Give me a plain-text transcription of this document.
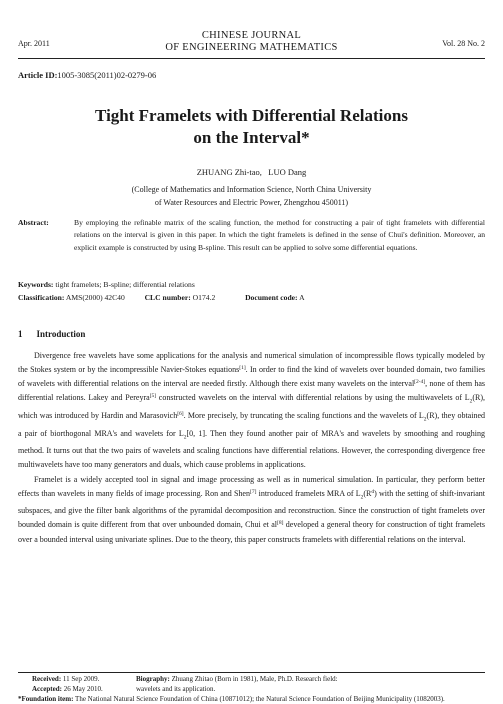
Apr. 2011
CHINESE JOURNAL
OF ENGINEERING MATHEMATICS	Vol. 28 No. 2
Article ID:1005-3085(2011)02-0279-06
Tight Framelets with Differential Relations
on the Interval*
ZHUANG Zhi-tao,   LUO Dang
(College of Mathematics and Information Science, North China University
of Water Resources and Electric Power, Zhengzhou 450011)
Abstract:	By employing the refinable matrix of the scaling function, the method for constructing a pair of tight framelets with differential relations on the interval is given in this paper. In which the tight framelets is defined in the sense of Chui's definition. Moreover, an explicit example is constructed by using B-spline. This result can be applied to solve some differential equations.
Keywords: tight framelets; B-spline; differential relations
Classification: AMS(2000) 42C40	CLC number: O174.2	Document code: A
1 Introduction

Divergence free wavelets have some applications for the analysis and numerical simulation of incompressible flows typically modeled by the Stokes system or by the incompressible Navier-Stokes equations[1]. In order to find the kind of wavelets over bounded domain, two families of wavelets with differential relations on the interval are needed firstly. Although there exist many wavelets on the interval[2-4], none of them has differential relations. Lakey and Pereyra[5] constructed wavelets on the interval with differential relations by using the multiwavelets of $L_2(R)$, which was introduced by Hardin and Marasovich[6]. More precisely, by truncating the scaling functions and the wavelets of $L_2(R)$, they obtained a pair of biorthogonal MRA's and wavelets for $L_2[0$, 1]. Then they found another pair of MRA's and wavelets by smoothing and roughing method. It turns out that the two pairs of wavelets and scaling functions have differential relations. However, the corresponding divergence free multiwavelets have too many generators and duals, which cause problems in applications.

Framelet is a widely accepted tool in signal and image processing as well as in numerical simulation. In particular, they perform better effects than wavelets in many fields of image processing. Ron and Shen[7] introduced framelets MRA of $L_2(R^d)$ with the setting of shift-invariant subspaces, and give the filter bank algorithms of the pyramidal decomposition and reconstruction. Since the construction of tight framelets over bounded domain is quite different from that over unbounded domain, Chui et al[8] developed a general theory for construction of tight framelets over a bounded interval using univariate splines. Due to the theory, this paper constructs framelets with differential relations on the interval.

Received: 11 Sep 2009.	Biography: Zhuang Zhitao (Born in 1981), Male, Ph.D. Research field:
Accepted: 26 May 2010.	wavelets and its application.
*Foundation item: The National Natural Science Foundation of China (10871012); the Natural Science Foundation of Beijing Municipality (1082003).
